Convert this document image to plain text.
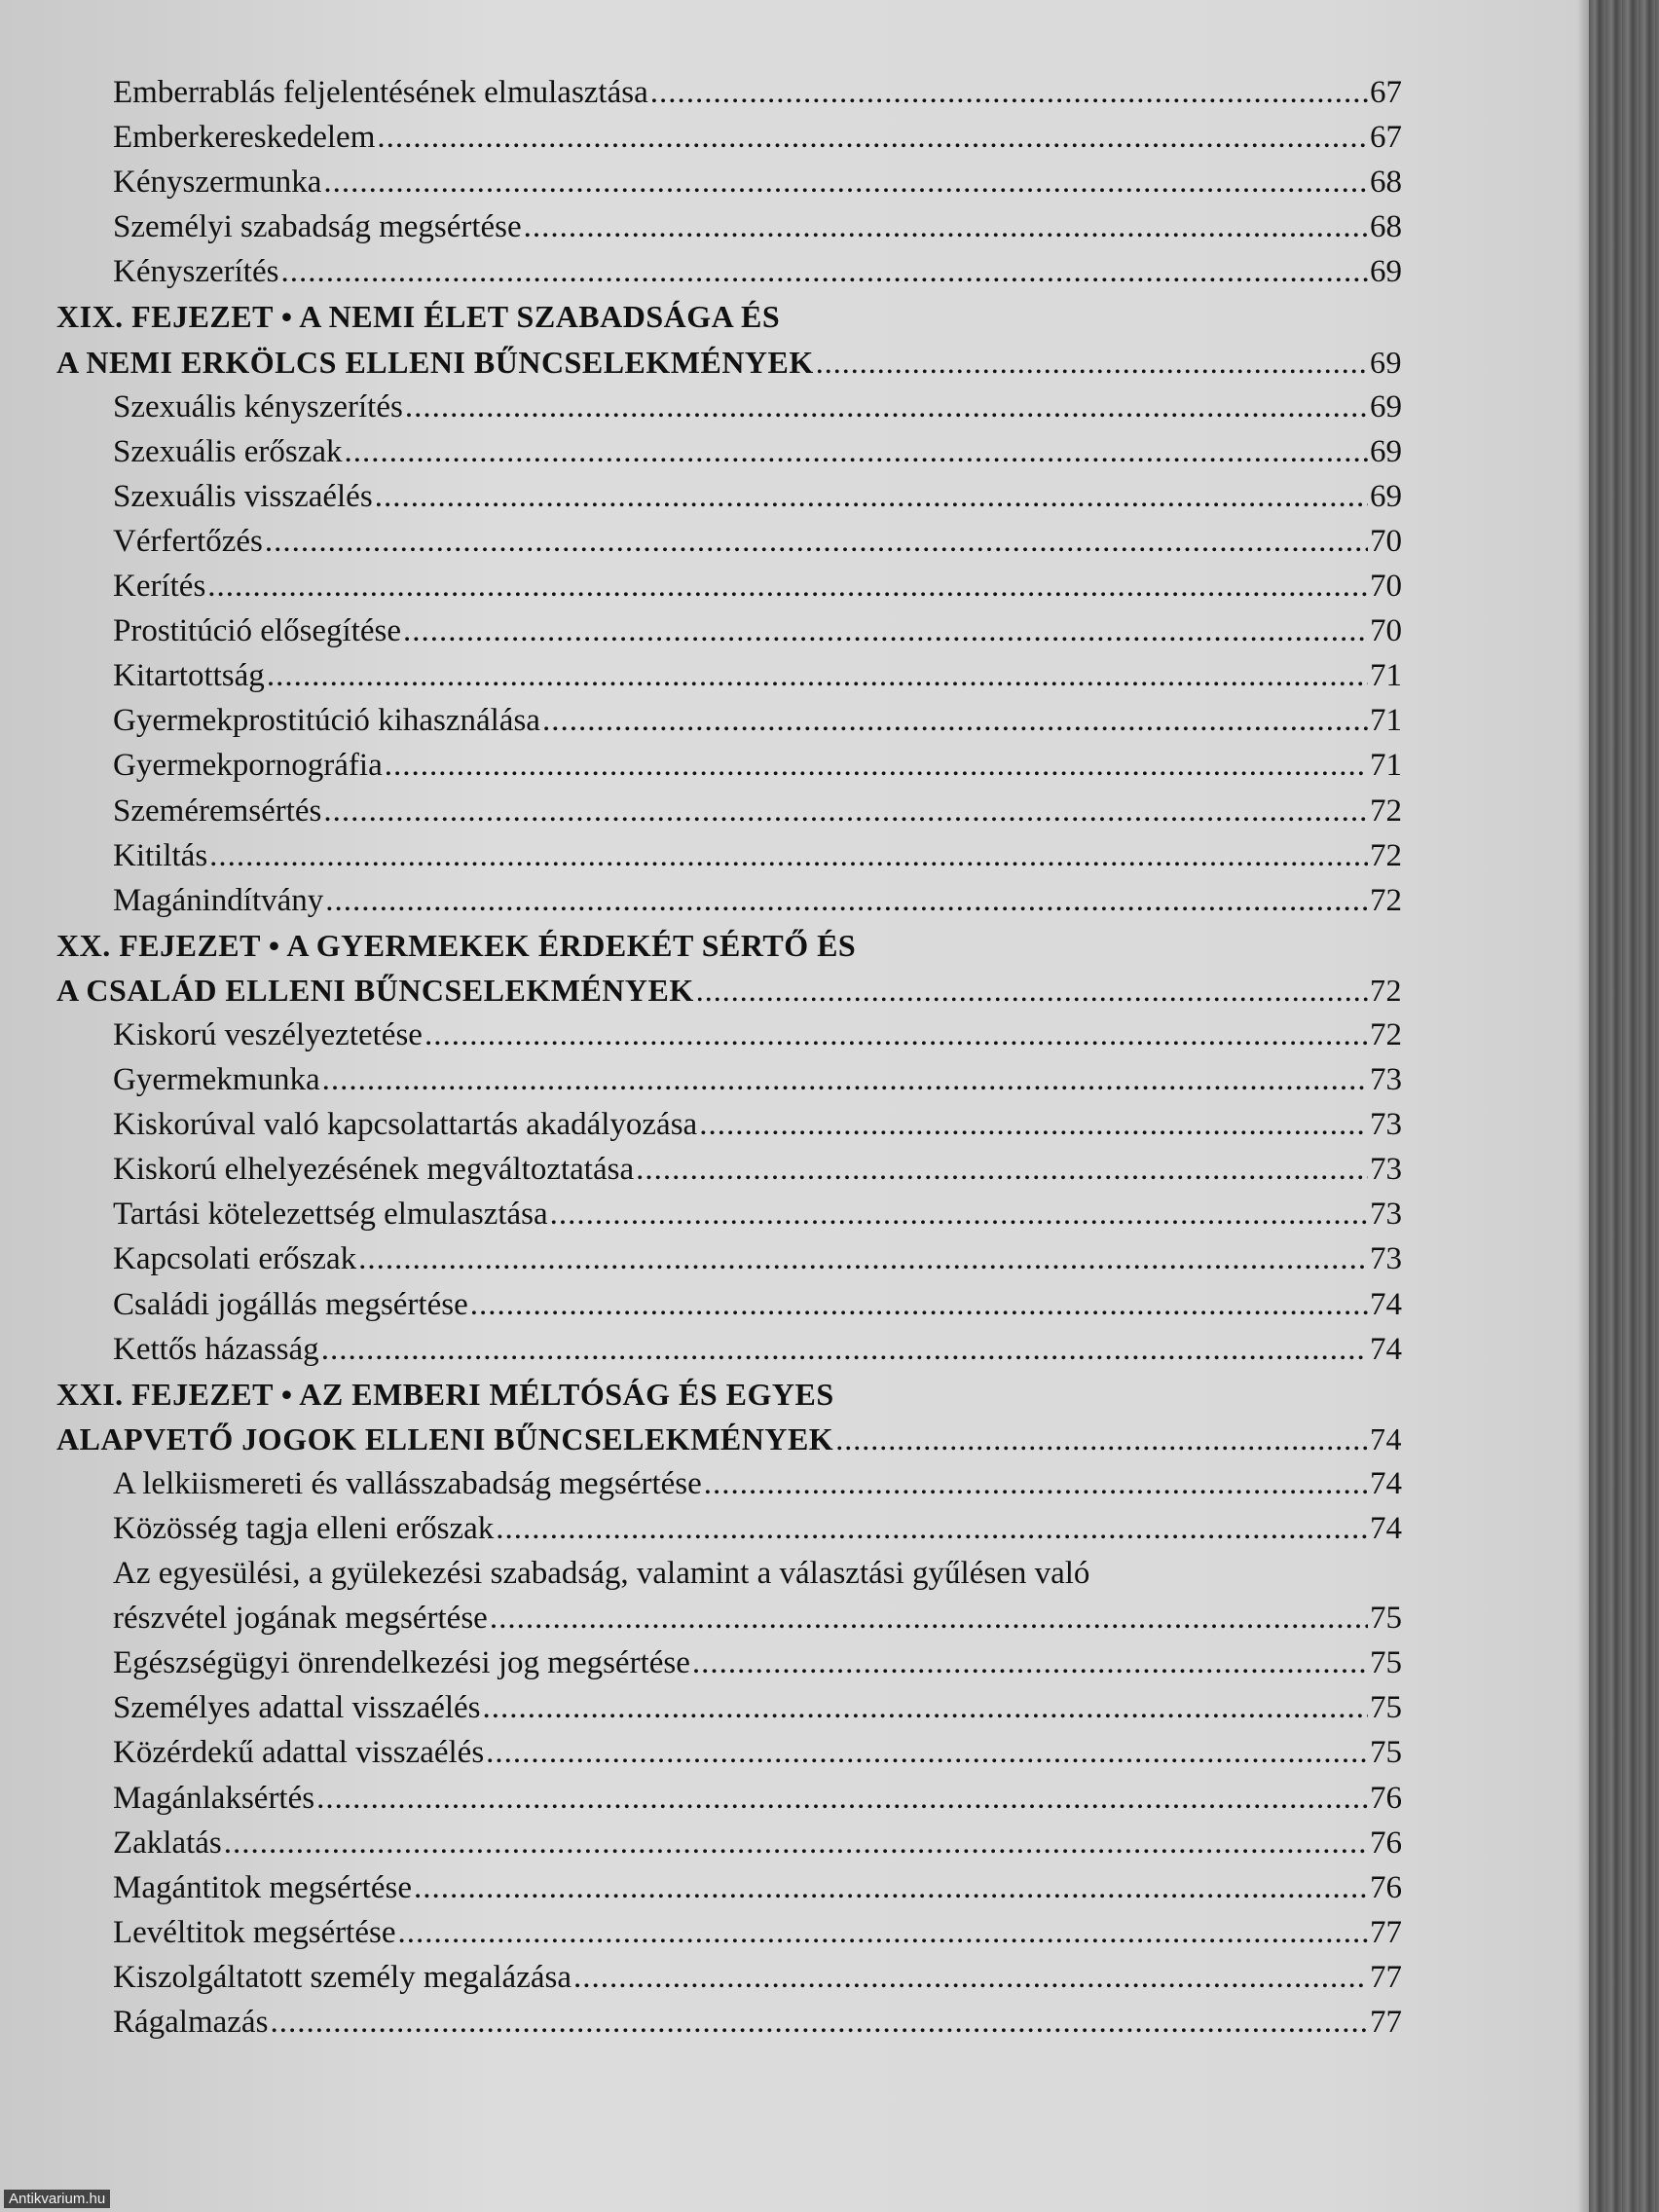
Emberrablás feljelentésének elmulasztása .....	67
Emberkereskedelem .....	67
Kényszermunka .....	68
Személyi szabadság megsértése .....	68
Kényszerítés .....	69
XIX. FEJEZET • A NEMI ÉLET SZABADSÁGA ÉS
A NEMI ERKÖLCS ELLENI BŰNCSELEKMÉNYEK .....	69
Szexuális kényszerítés .....	69
Szexuális erőszak .....	69
Szexuális visszaélés .....	69
Vérfertőzés .....	70
Kerítés .....	70
Prostitúció elősegítése .....	70
Kitartottság .....	71
Gyermekprostitúció kihasználása .....	71
Gyermekpornográfia .....	71
Szeméremsértés .....	72
Kitiltás .....	72
Magánindítvány .....	72
XX. FEJEZET • A GYERMEKEK ÉRDEKÉT SÉRTŐ ÉS
A CSALÁD ELLENI BŰNCSELEKMÉNYEK .....	72
Kiskorú veszélyeztetése .....	72
Gyermekmunka .....	73
Kiskorúval való kapcsolattartás akadályozása .....	73
Kiskorú elhelyezésének megváltoztatása .....	73
Tartási kötelezettség elmulasztása .....	73
Kapcsolati erőszak .....	73
Családi jogállás megsértése .....	74
Kettős házasság .....	74
XXI. FEJEZET • AZ EMBERI MÉLTÓSÁG ÉS EGYES
ALAPVETŐ JOGOK ELLENI BŰNCSELEKMÉNYEK .....	74
A lelkiismereti és vallásszabadság megsértése .....	74
Közösség tagja elleni erőszak .....	74
Az egyesülési, a gyülekezési szabadság, valamint a választási gyűlésen való
részvétel jogának megsértése .....	75
Egészségügyi önrendelkezési jog megsértése .....	75
Személyes adattal visszaélés .....	75
Közérdekű adattal visszaélés .....	75
Magánlaksértés .....	76
Zaklatás .....	76
Magántitok megsértése .....	76
Levéltitok megsértése .....	77
Kiszolgáltatott személy megalázása .....	77
Rágalmazás .....	77
Antikvarium.hu
